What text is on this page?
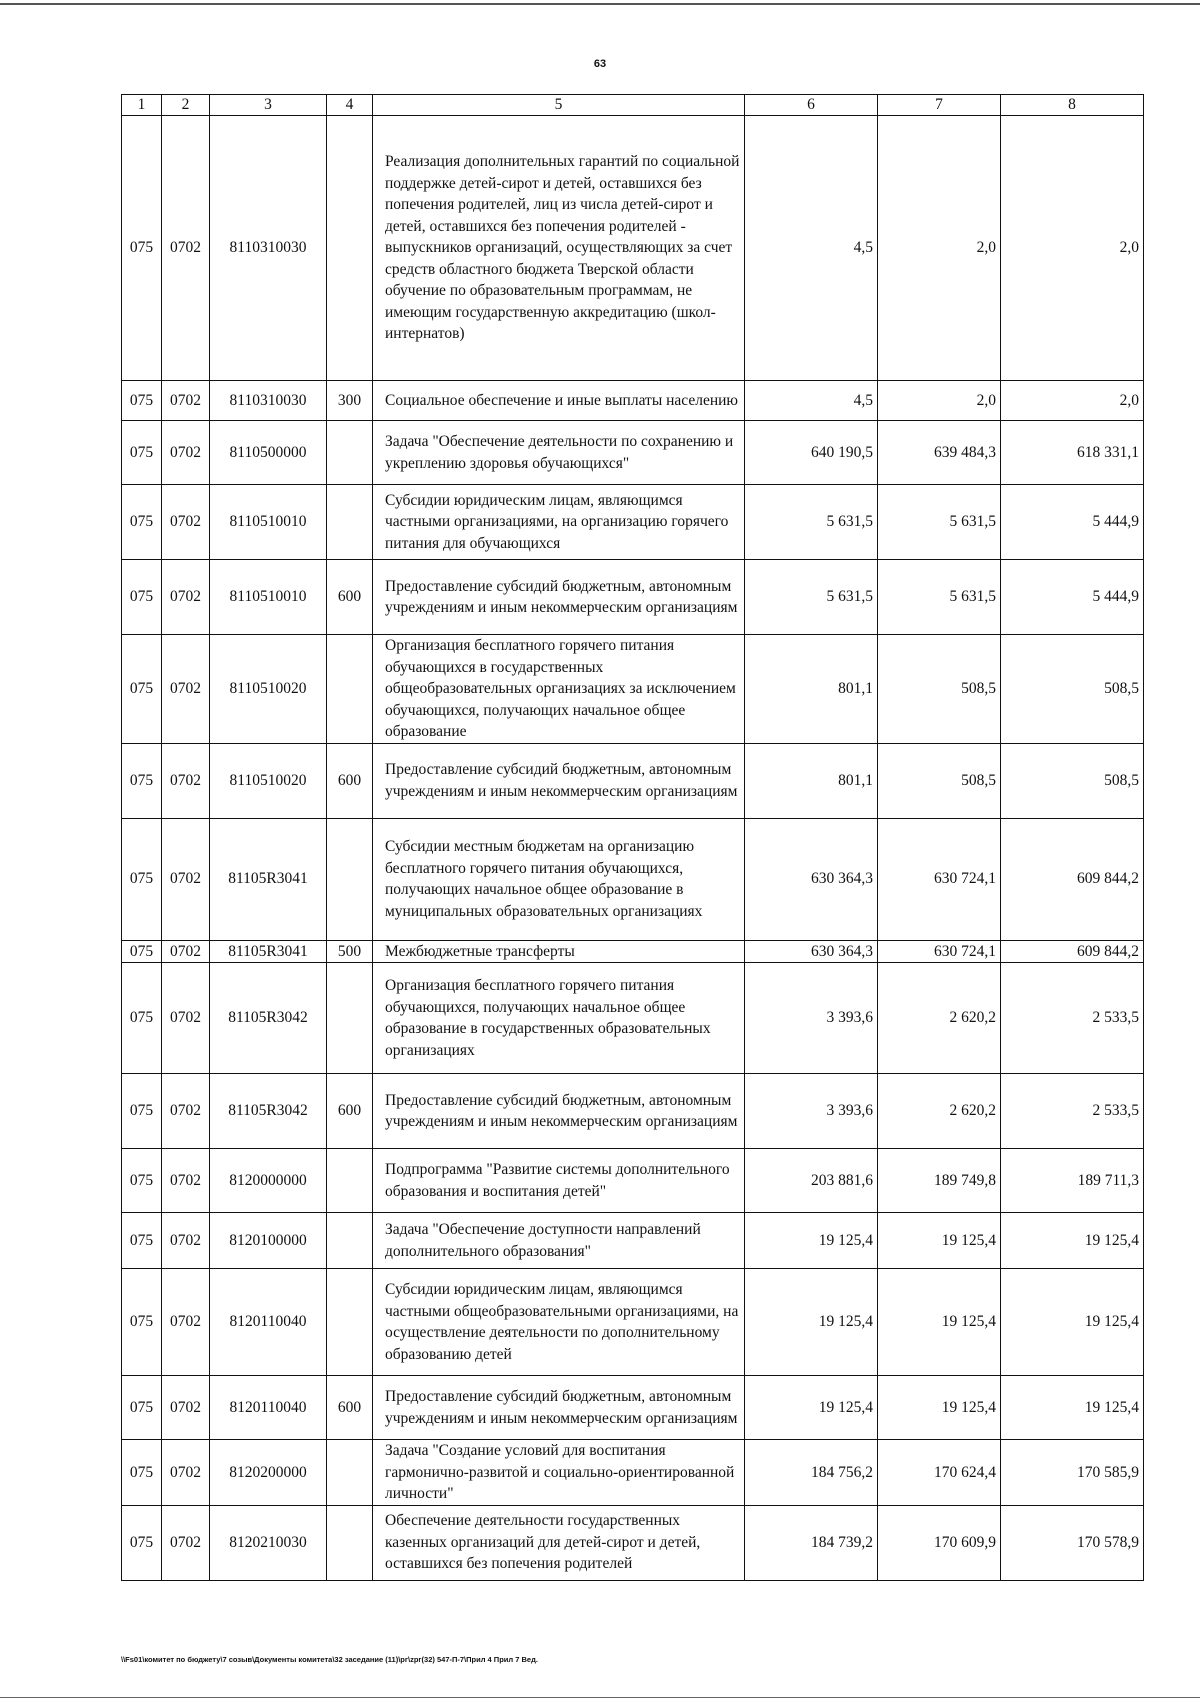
63
1	2	3	4	5	6	7	8
075	0702	8110310030		Реализация дополнительных гарантий по социальной поддержке детей-сирот и детей, оставшихся без попечения родителей, лиц из числа детей-сирот и детей, оставшихся без попечения родителей - выпускников организаций, осуществляющих за счет средств областного бюджета Тверской области обучение по образовательным программам, не имеющим государственную аккредитацию (школ-интернатов)	4,5	2,0	2,0
075	0702	8110310030	300	Социальное обеспечение и иные выплаты населению	4,5	2,0	2,0
075	0702	8110500000		Задача "Обеспечение деятельности по сохранению и укреплению здоровья обучающихся"	640 190,5	639 484,3	618 331,1
075	0702	8110510010		Субсидии юридическим лицам, являющимся частными организациями, на организацию горячего питания для обучающихся	5 631,5	5 631,5	5 444,9
075	0702	8110510010	600	Предоставление субсидий бюджетным, автономным учреждениям и иным некоммерческим организациям	5 631,5	5 631,5	5 444,9
075	0702	8110510020		Организация бесплатного горячего питания обучающихся в государственных общеобразовательных организациях за исключением обучающихся, получающих начальное общее образование	801,1	508,5	508,5
075	0702	8110510020	600	Предоставление субсидий бюджетным, автономным учреждениям и иным некоммерческим организациям	801,1	508,5	508,5
075	0702	81105R3041		Субсидии местным бюджетам на организацию бесплатного горячего питания обучающихся, получающих начальное общее образование в муниципальных образовательных организациях	630 364,3	630 724,1	609 844,2
075	0702	81105R3041	500	Межбюджетные трансферты	630 364,3	630 724,1	609 844,2
075	0702	81105R3042		Организация бесплатного горячего питания обучающихся, получающих начальное общее образование в государственных образовательных организациях	3 393,6	2 620,2	2 533,5
075	0702	81105R3042	600	Предоставление субсидий бюджетным, автономным учреждениям и иным некоммерческим организациям	3 393,6	2 620,2	2 533,5
075	0702	8120000000		Подпрограмма "Развитие системы дополнительного образования и воспитания детей"	203 881,6	189 749,8	189 711,3
075	0702	8120100000		Задача "Обеспечение доступности направлений дополнительного образования"	19 125,4	19 125,4	19 125,4
075	0702	8120110040		Субсидии юридическим лицам, являющимся частными общеобразовательными организациями, на осуществление деятельности по дополнительному образованию детей	19 125,4	19 125,4	19 125,4
075	0702	8120110040	600	Предоставление субсидий бюджетным, автономным учреждениям и иным некоммерческим организациям	19 125,4	19 125,4	19 125,4
075	0702	8120200000		Задача "Создание условий для воспитания гармонично-развитой и социально-ориентированной личности"	184 756,2	170 624,4	170 585,9
075	0702	8120210030		Обеспечение деятельности государственных казенных организаций для детей-сирот и детей, оставшихся без попечения родителей	184 739,2	170 609,9	170 578,9
\\Fs01\комитет по бюджету\7 созыв\Документы комитета\32 заседание (11)\рг\zрг(32) 547-П-7\Прил 4 Прил 7 Вед.
